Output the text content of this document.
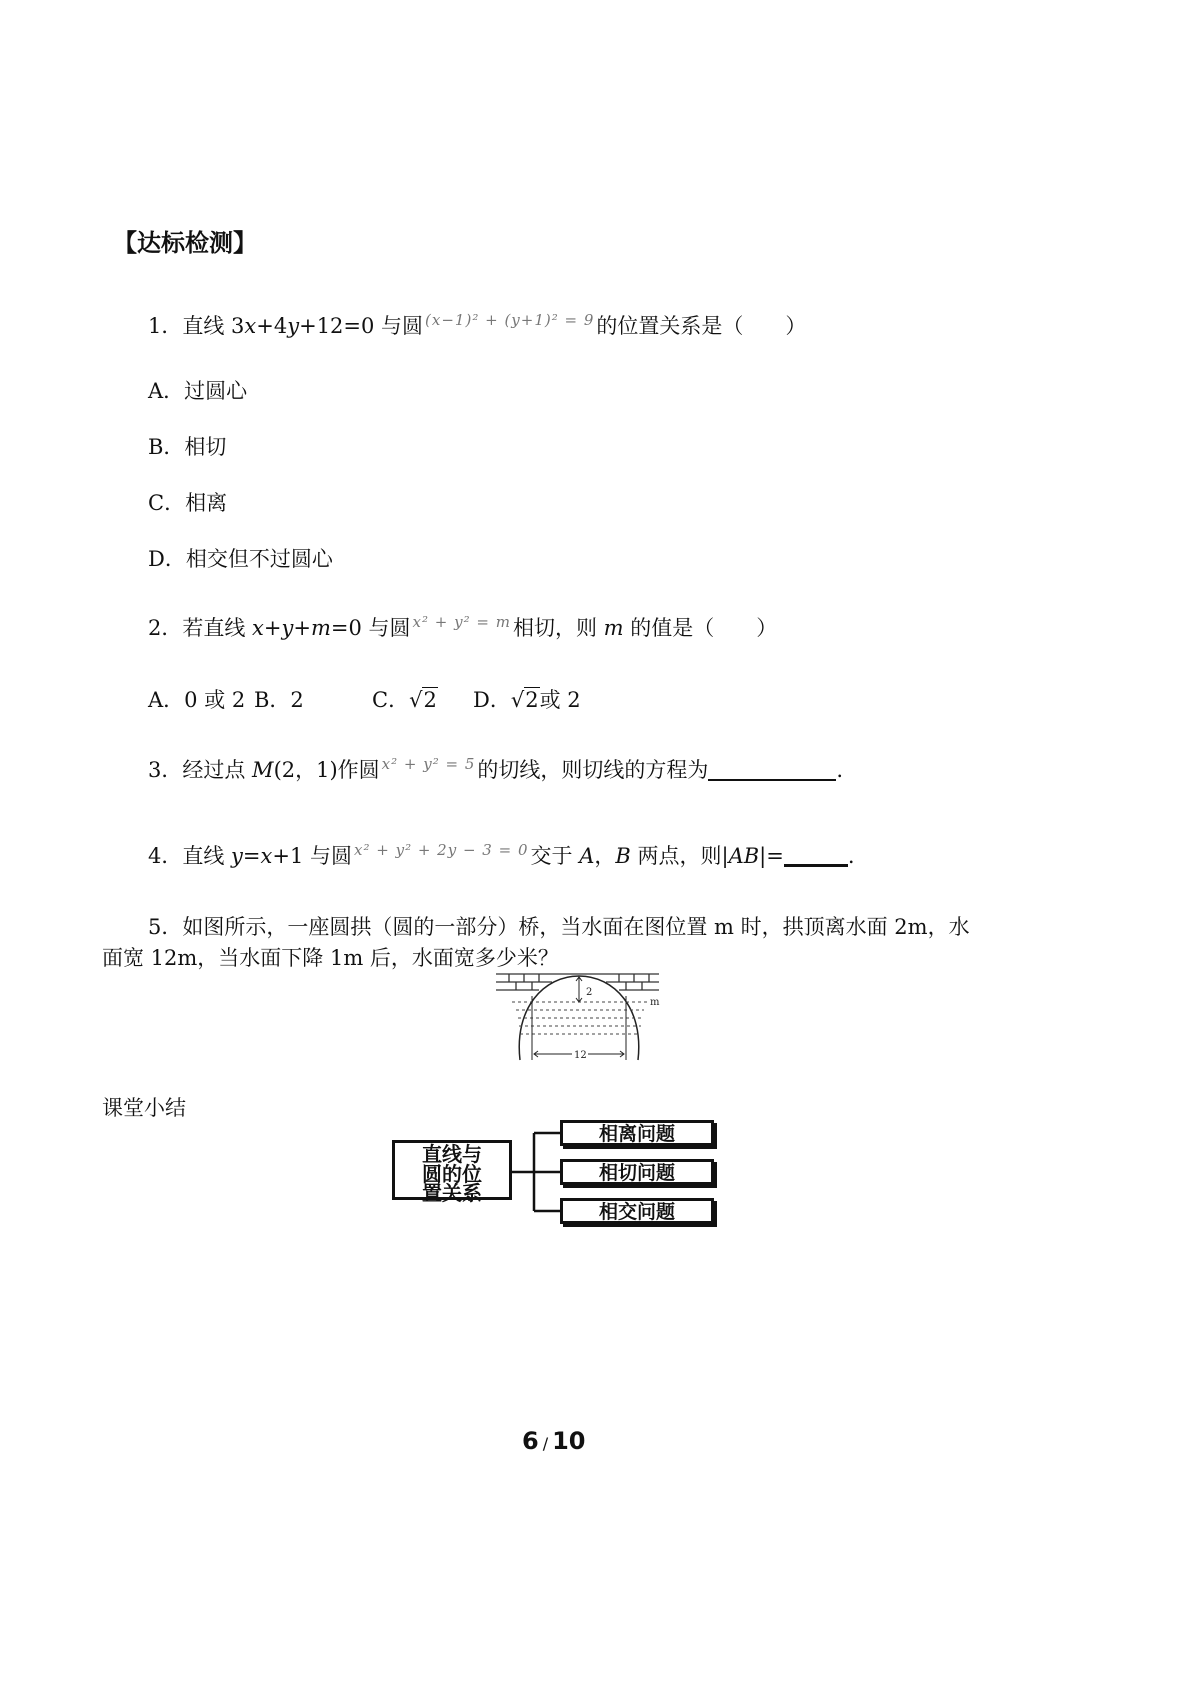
【达标检测】
1．直线 3x+4y+12=0 与圆 $^{(x-1)^2 + (y+1)^2 = 9}$的位置关系是（　　）
A．过圆心
B．相切
C．相离
D．相交但不过圆心
2．若直线 x+y+m=0 与圆 $^{x^2 + y^2 = m}$相切，则 m 的值是（　　）
A．0 或 2 B．2	C．√2 D．√2或 2
3．经过点 M(2，1)作圆 $^{x^2 + y^2 = 5}$的切线，则切线的方程为	.
4．直线 y=x+1 与圆 $^{x^2 + y^2 + 2y - 3 = 0}$交于 A，B 两点，则|AB|=	.
5．如图所示，一座圆拱（圆的一部分）桥，当水面在图位置 m 时，拱顶离水面 2m，水
面宽 12m，当水面下降 1m 后，水面宽多少米？
2
m
12
课堂小结
直线与
圆的位
置关系
相离问题
相切问题
相交问题
6 / 10
